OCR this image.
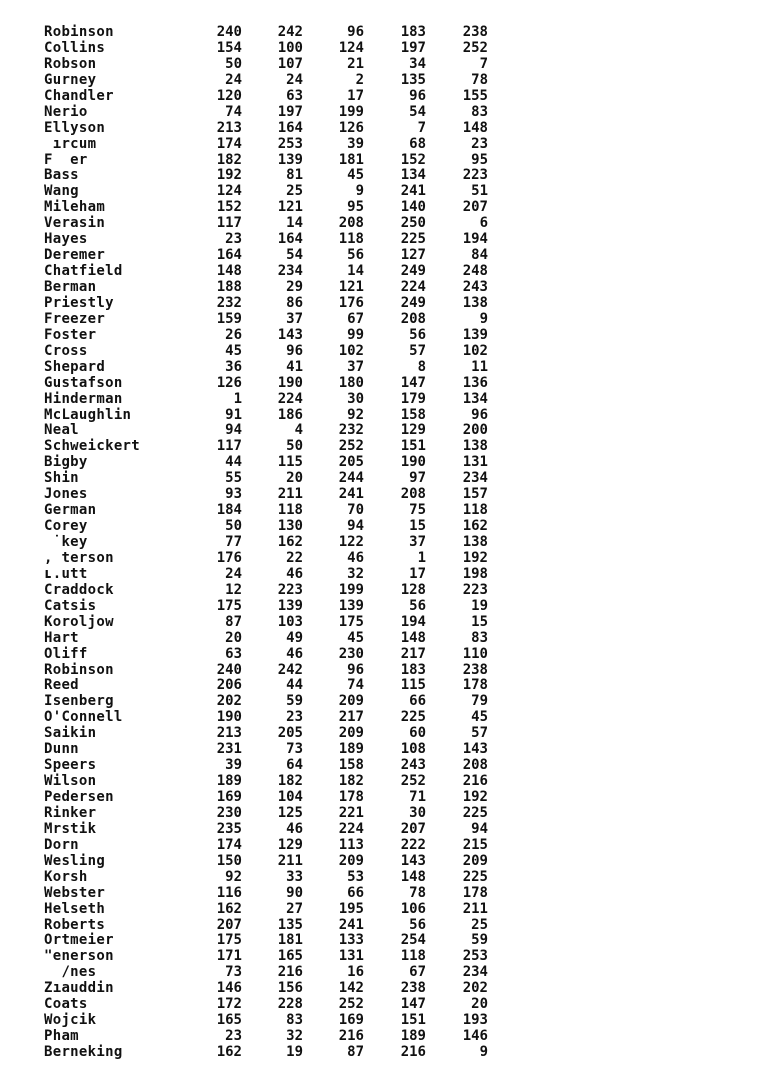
Robinson	240	242	96	183	238
Collins	154	100	124	197	252
Robson	50	107	21	34	7
Gurney	24	24	2	135	78
Chandler	120	63	17	96	155
Nerio	74	197	199	54	83
Ellyson	213	164	126	7	148
ırcum	174	253	39	68	23
F  er	182	139	181	152	95
Bass	192	81	45	134	223
Wang	124	25	9	241	51
Mileham	152	121	95	140	207
Verasin	117	14	208	250	6
Hayes	23	164	118	225	194
Deremer	164	54	56	127	84
Chatfield	148	234	14	249	248
Berman	188	29	121	224	243
Priestly	232	86	176	249	138
Freezer	159	37	67	208	9
Foster	26	143	99	56	139
Cross	45	96	102	57	102
Shepard	36	41	37	8	11
Gustafson	126	190	180	147	136
Hinderman	1	224	30	179	134
McLaughlin	91	186	92	158	96
Neal	94	4	232	129	200
Schweickert	117	50	252	151	138
Bigby	44	115	205	190	131
Shin	55	20	244	97	234
Jones	93	211	241	208	157
German	184	118	70	75	118
Corey	50	130	94	15	162
˙key	77	162	122	37	138
, terson	176	22	46	1	192
ʟ.utt	24	46	32	17	198
Craddock	12	223	199	128	223
Catsis	175	139	139	56	19
Koroljow	87	103	175	194	15
Hart	20	49	45	148	83
Oliff	63	46	230	217	110
Robinson	240	242	96	183	238
Reed	206	44	74	115	178
Isenberg	202	59	209	66	79
O'Connell	190	23	217	225	45
Saikin	213	205	209	60	57
Dunn	231	73	189	108	143
Speers	39	64	158	243	208
Wilson	189	182	182	252	216
Pedersen	169	104	178	71	192
Rinker	230	125	221	30	225
Mrstik	235	46	224	207	94
Dorn	174	129	113	222	215
Wesling	150	211	209	143	209
Korsh	92	33	53	148	225
Webster	116	90	66	78	178
Helseth	162	27	195	106	211
Roberts	207	135	241	56	25
Ortmeier	175	181	133	254	59
"enerson	171	165	131	118	253
/nes	73	216	16	67	234
Zıauddin	146	156	142	238	202
Coats	172	228	252	147	20
Wojcik	165	83	169	151	193
Pham	23	32	216	189	146
Berneking	162	19	87	216	9
